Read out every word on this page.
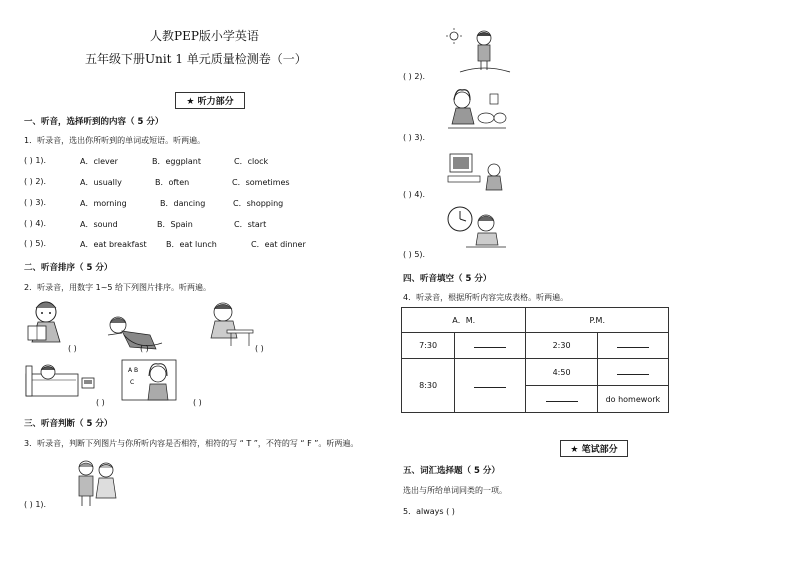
人教PEP版小学英语
五年级下册Unit 1 单元质量检测卷（一）
★ 听力部分
一、听音，选择听到的内容（ 5 分）
1．听录音，选出你所听到的单词或短语。听两遍。
( ) 1).	A．clever	B．eggplant	C．clock
( ) 2).	A．usually	B．often	C．sometimes
( ) 3).	A．morning	B．dancing	C．shopping
( ) 4).	A．sound	B．Spain	C．start
( ) 5).	A．eat breakfast B．eat lunch	C．eat dinner
二、听音排序（ 5 分）
2．听录音，用数字 1~5 给下列图片排序。听两遍。
( )	( )	( )
( )
A B
C
( )
三、听音判断（ 5 分）
3．听录音，判断下列图片与你所听内容是否相符，相符的写 “ T ”，不符的写 “ F ”。听两遍。
( ) 1).
( ) 2).
( ) 3).
( ) 4).
( ) 5).
四、听音填空（ 5 分）
4．听录音，根据所听内容完成表格。听两遍。
A．M.		P.M.	
7:30		2:30	
8:30		4:50	
			do homework
★ 笔试部分
五、词汇选择题（ 5 分）
选出与所给单词同类的一项。
5．always ( )
